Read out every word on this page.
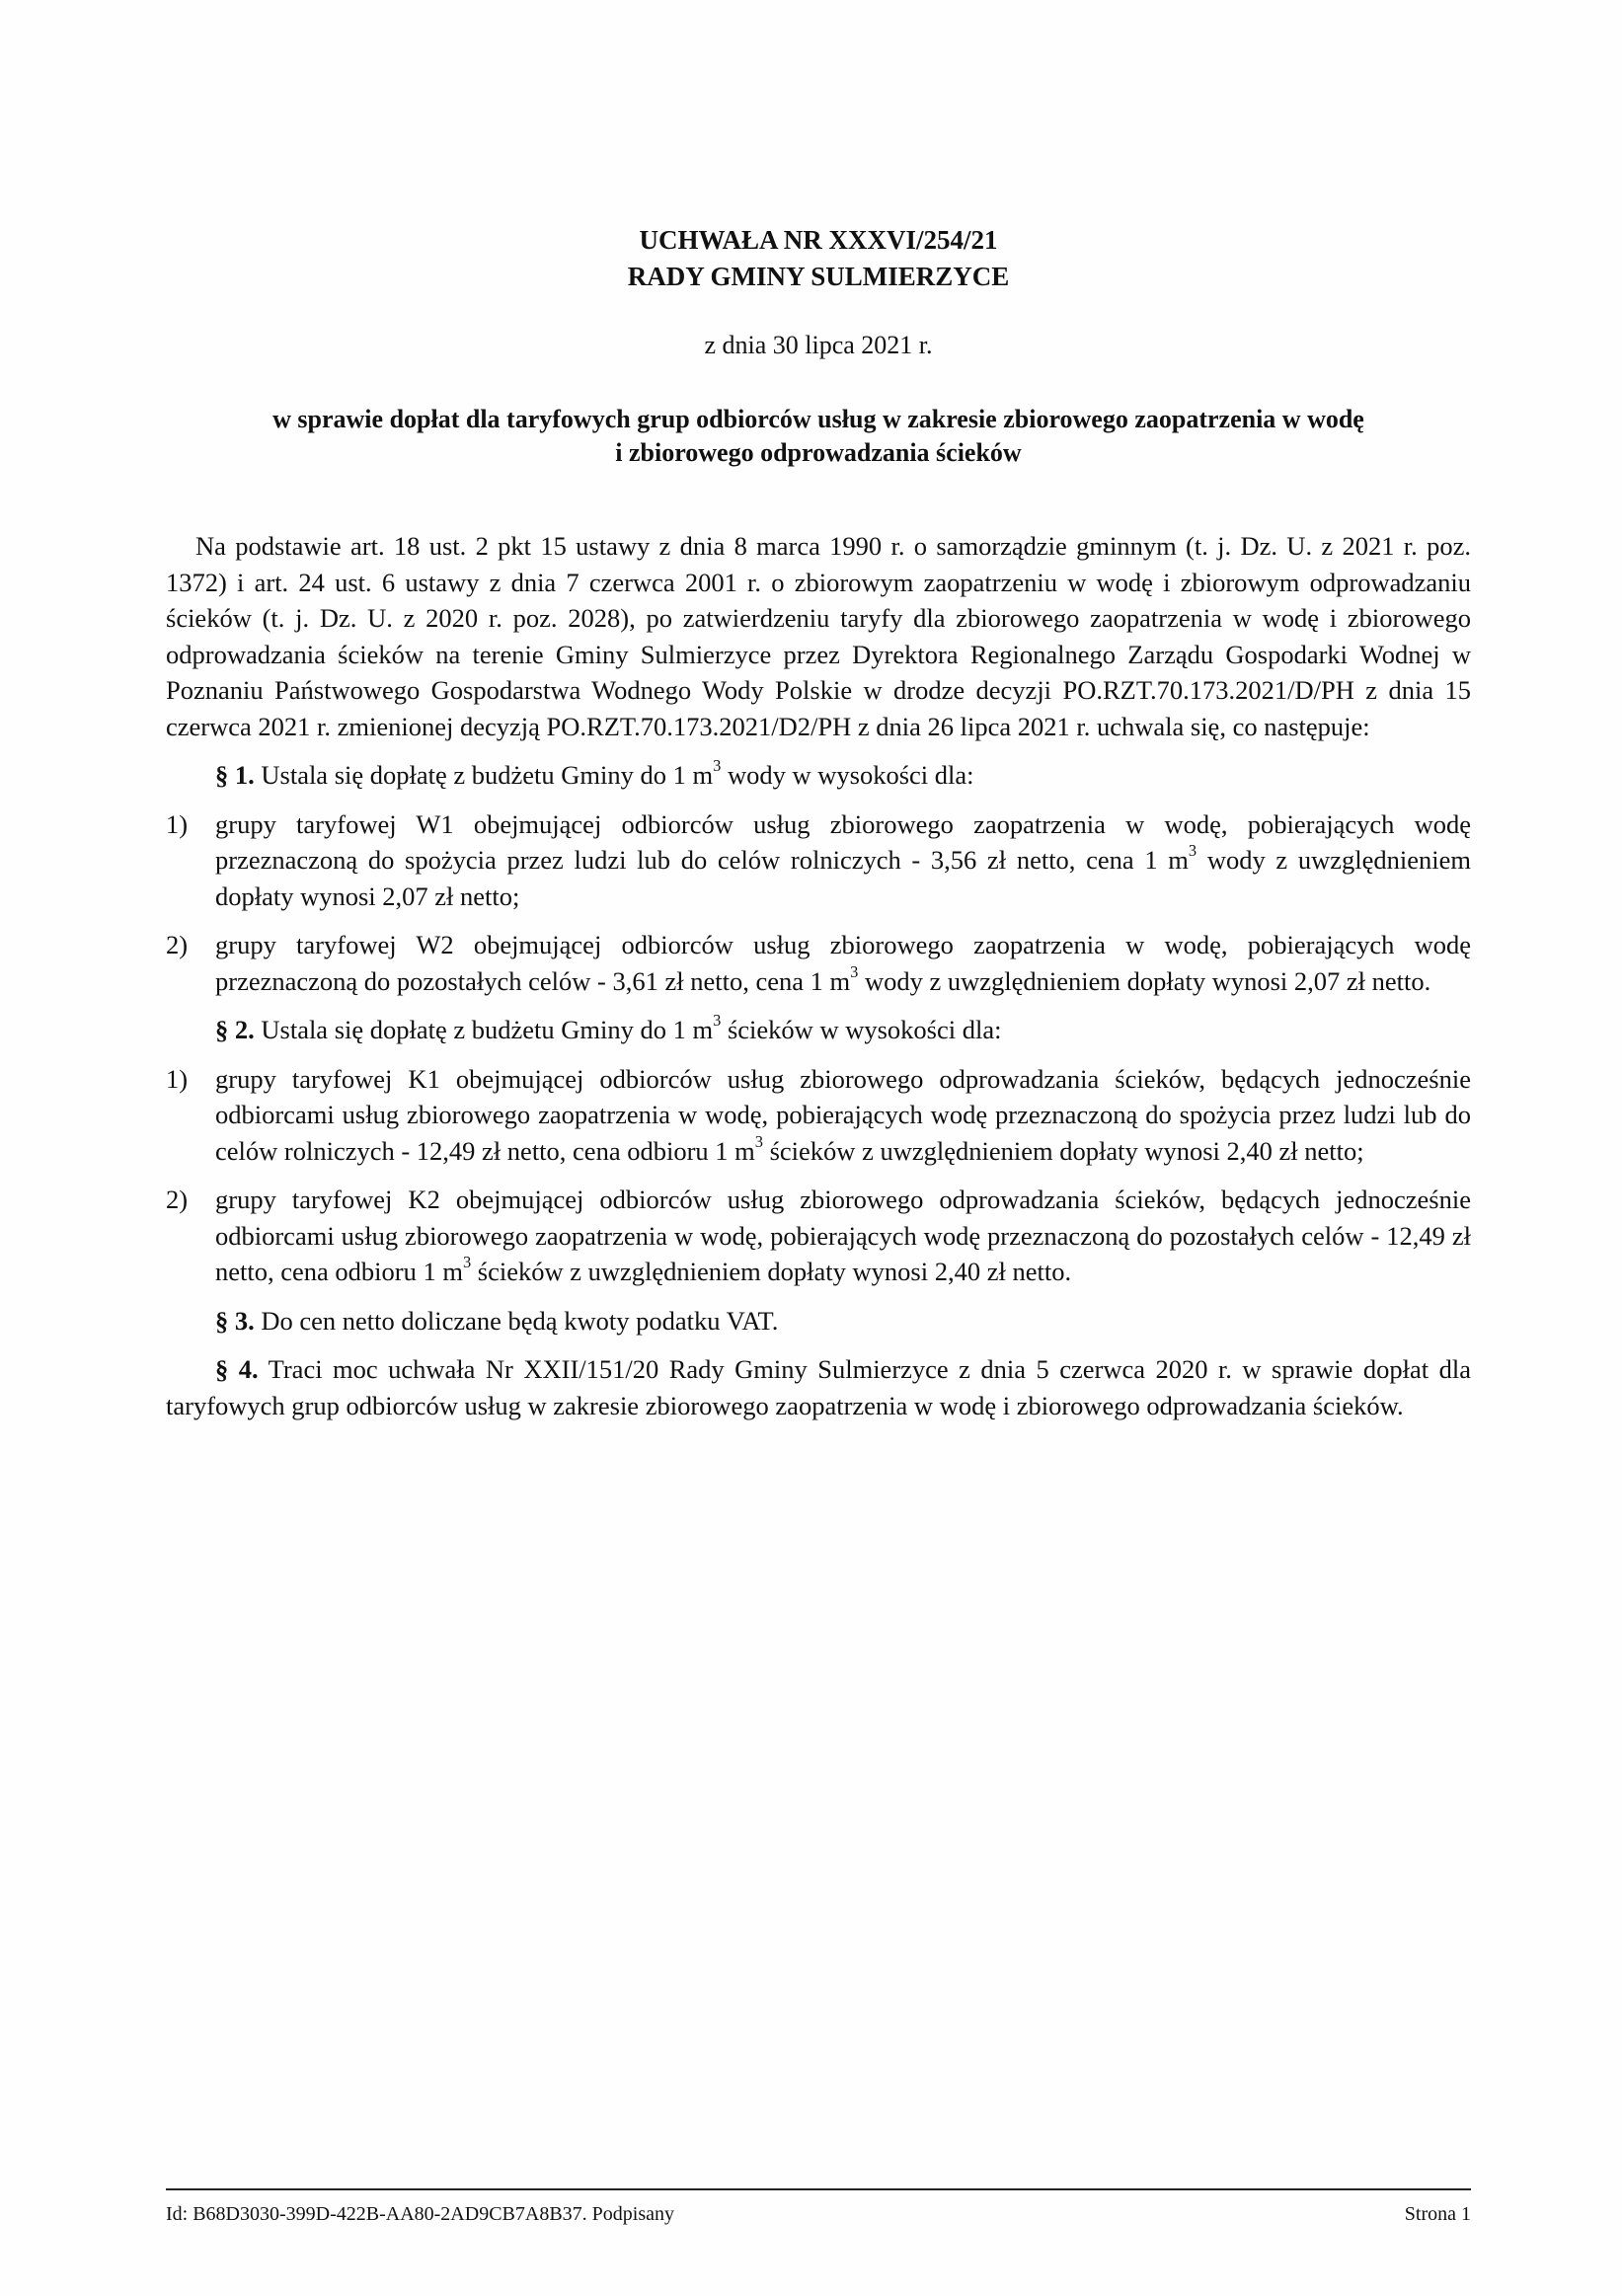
UCHWAŁA NR XXXVI/254/21
RADY GMINY SULMIERZYCE
z dnia 30 lipca 2021 r.
w sprawie dopłat dla taryfowych grup odbiorców usług w zakresie zbiorowego zaopatrzenia w wodę
i zbiorowego odprowadzania ścieków

Na podstawie art. 18 ust. 2 pkt 15 ustawy z dnia 8 marca 1990 r. o samorządzie gminnym (t. j. Dz. U. z 2021 r. poz. 1372) i art. 24 ust. 6 ustawy z dnia 7 czerwca 2001 r. o zbiorowym zaopatrzeniu w wodę i zbiorowym odprowadzaniu ścieków (t. j. Dz. U. z 2020 r. poz. 2028), po zatwierdzeniu taryfy dla zbiorowego zaopatrzenia w wodę i zbiorowego odprowadzania ścieków na terenie Gminy Sulmierzyce przez Dyrektora Regionalnego Zarządu Gospodarki Wodnej w Poznaniu Państwowego Gospodarstwa Wodnego Wody Polskie w drodze decyzji PO.RZT.70.173.2021/D/PH z dnia 15 czerwca 2021 r. zmienionej decyzją PO.RZT.70.173.2021/D2/PH z dnia 26 lipca 2021 r. uchwala się, co następuje:

§ 1. Ustala się dopłatę z budżetu Gminy do 1 $m^3$ wody w wysokości dla:

1)	grupy taryfowej W1 obejmującej odbiorców usług zbiorowego zaopatrzenia w wodę, pobierających wodę przeznaczoną do spożycia przez ludzi lub do celów rolniczych - 3,56 zł netto, cena 1 $m^3$ wody z uwzględnieniem dopłaty wynosi 2,07 zł netto;
2)	grupy taryfowej W2 obejmującej odbiorców usług zbiorowego zaopatrzenia w wodę, pobierających wodę przeznaczoną do pozostałych celów - 3,61 zł netto, cena 1 $m^3$ wody z uwzględnieniem dopłaty wynosi 2,07 zł netto.

§ 2. Ustala się dopłatę z budżetu Gminy do 1 $m^3$ ścieków w wysokości dla:

1)	grupy taryfowej K1 obejmującej odbiorców usług zbiorowego odprowadzania ścieków, będących jednocześnie odbiorcami usług zbiorowego zaopatrzenia w wodę, pobierających wodę przeznaczoną do spożycia przez ludzi lub do celów rolniczych - 12,49 zł netto, cena odbioru 1 $m^3$ ścieków z uwzględnieniem dopłaty wynosi 2,40 zł netto;
2)	grupy taryfowej K2 obejmującej odbiorców usług zbiorowego odprowadzania ścieków, będących jednocześnie odbiorcami usług zbiorowego zaopatrzenia w wodę, pobierających wodę przeznaczoną do pozostałych celów - 12,49 zł netto, cena odbioru 1 $m^3$ ścieków z uwzględnieniem dopłaty wynosi 2,40 zł netto.

§ 3. Do cen netto doliczane będą kwoty podatku VAT.

§ 4. Traci moc uchwała Nr XXII/151/20 Rady Gminy Sulmierzyce z dnia 5 czerwca 2020 r. w sprawie dopłat dla taryfowych grup odbiorców usług w zakresie zbiorowego zaopatrzenia w wodę i zbiorowego odprowadzania ścieków.

Id: B68D3030-399D-422B-AA80-2AD9CB7A8B37. Podpisany	Strona 1
